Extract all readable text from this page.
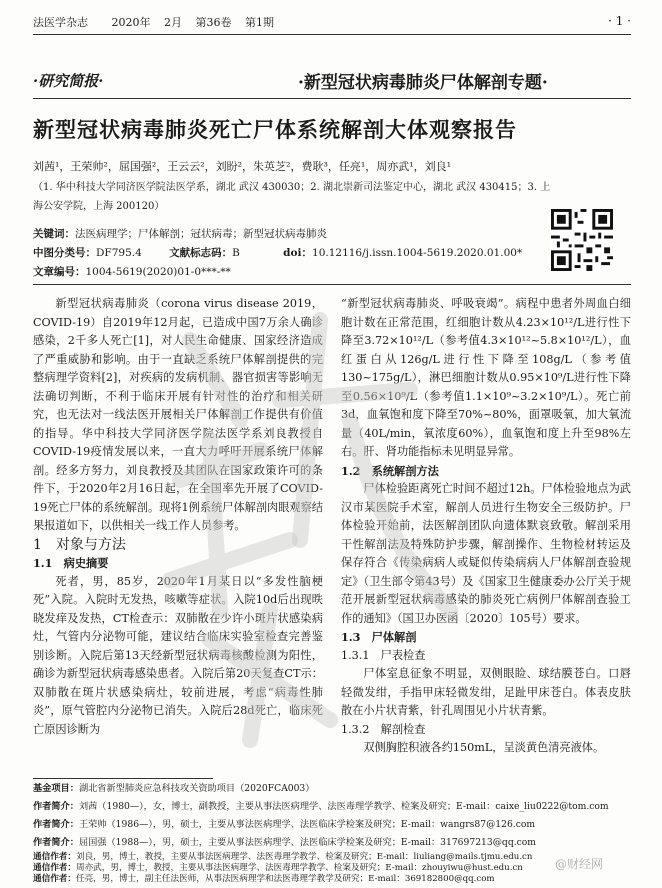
法医学杂志 2020年 2月 第36卷 第1期	· 1 ·
·研究简报·	·新型冠状病毒肺炎尸体解剖专题·
新型冠状病毒肺炎死亡尸体系统解剖大体观察报告
刘茜¹，王荣帅²，屈国强²，王云云²，刘盼²，朱英芝²，费耿³，任亮¹，周亦武¹，刘良¹
（1. 华中科技大学同济医学院法医学系，湖北 武汉 430030；2. 湖北崇新司法鉴定中心，湖北 武汉 430415；3. 上
海公安学院，上海 200120）
关键词：法医病理学；尸体解剖；冠状病毒；新型冠状病毒肺炎
中图分类号：DF795.4	文献标志码：B	doi：10.12116/j.issn.1004-5619.2020.01.00*
文章编号：1004-5619(2020)01-0***-**

新型冠状病毒肺炎（corona virus disease 2019，COVID-19）自2019年12月起，已造成中国7万余人确诊感染，2千多人死亡[1]，对人民生命健康、国家经济造成了严重威胁和影响。由于一直缺乏系统尸体解剖提供的完整病理学资料[2]，对疾病的发病机制、器官损害等影响无法确切判断，不利于临床开展有针对性的治疗和相关研究，也无法对一线法医开展相关尸体解剖工作提供有价值的指导。华中科技大学同济医学院法医学系刘良教授自COVID-19疫情发展以来，一直大力呼吁开展系统尸体解剖。经多方努力，刘良教授及其团队在国家政策许可的条件下，于2020年2月16日起，在全国率先开展了COVID-19死亡尸体的系统解剖。现将1例系统尸体解剖肉眼观察结果报道如下，以供相关一线工作人员参考。

1　对象与方法

1.1　病史摘要

死者，男，85岁，2020年1月某日以“多发性脑梗死”入院。入院时无发热，咳嗽等症状。入院10d后出现昳晓发痒及发热，CT检查示：双肺散在少许小斑片状感染病灶，气管内分泌物可能，建议结合临床实验室检查完善鉴别诊断。入院后第13天经新型冠状病毒核酸检测为阳性，确诊为新型冠状病毒感染患者。入院后第20天复查CT示：双肺散在斑片状感染病灶，较前进展，考虑“病毒性肺炎”，原气管腔内分泌物已消失。入院后28d死亡，临床死亡原因诊断为

“新型冠状病毒肺炎、呼吸衰竭”。病程中患者外周血白细胞计数在正常范围，红细胞计数从4.23×10¹²/L进行性下降至3.72×10¹²/L（参考值4.3×10¹²~5.8×10¹²/L），血红蛋白从126g/L进行性下降至108g/L（参考值130~175g/L），淋巴细胞计数从0.95×10⁹/L进行性下降至0.56×10⁹/L（参考值1.1×10⁹~3.2×10⁹/L）。死亡前3d，血氧饱和度下降至70%~80%，面罩吸氧，加大氧流量（40L/min，氧浓度60%），血氧饱和度上升至98%左右。肝、肾功能指标未见明显异常。

1.2　系统解剖方法

尸体检验距离死亡时间不超过12h。尸体检验地点为武汉市某医院手术室，解剖人员进行生物安全三级防护。尸体检验开始前，法医解剖团队向遗体默哀致敬。解剖采用干性解剖法及特殊防护步骤，解剖操作、生物检材转运及保存符合《传染病病人或疑似传染病病人尸体解剖查验规定》（卫生部令第43号）及《国家卫生健康委办公厅关于规范开展新型冠状病毒感染的肺炎死亡病例尸体解剖查验工作的通知》（国卫办医函〔2020〕105号）要求。

1.3　尸体解剖

1.3.1　尸表检查

尸体室息征象不明显，双侧眼睑、球结膜苍白。口唇轻微发绀，手指甲床轻微发绀，足趾甲床苍白。体表皮肤散在小片状青紫，针孔周围见小片状青紫。

1.3.2　解剖检查

双侧胸腔积液各约150mL，呈淡黄色清亮液体。

基金项目：湖北省新型肺炎应急科技攻关资助项目（2020FCA003）
作者简介：刘茜（1980—），女，博士，副教授，主要从事法医病理学、法医毒理学教学、检案及研究；E-mail：caixe_liu0222@tom.com
作者简介：王荣帅（1986—），男，硕士，主要从事法医病理学、法医临床学检案及研究；E-mail：wangrs87@126.com
作者简介：屈国强（1988—），男，硕士，主要从事法医病理学、法医临床学检案及研究；E-mail：317697213@qq.com
通信作者：刘良，男，博士，教授，主要从事法医病理学、法医毒理学教学、检案及研究；E-mail：liuliang@mails.tjmu.edu.cn
通信作者：周亦武，男，博士，教授，主要从事法医病理学、法医毒理学教学、检案及研究；E-mail：zhouyiwu@hust.edu.cn
通信作者：任亮，男，博士，副主任法医师，从事法医病理学和法医毒理学教学及研究；E-mail：369182800@qq.com
@财经网
